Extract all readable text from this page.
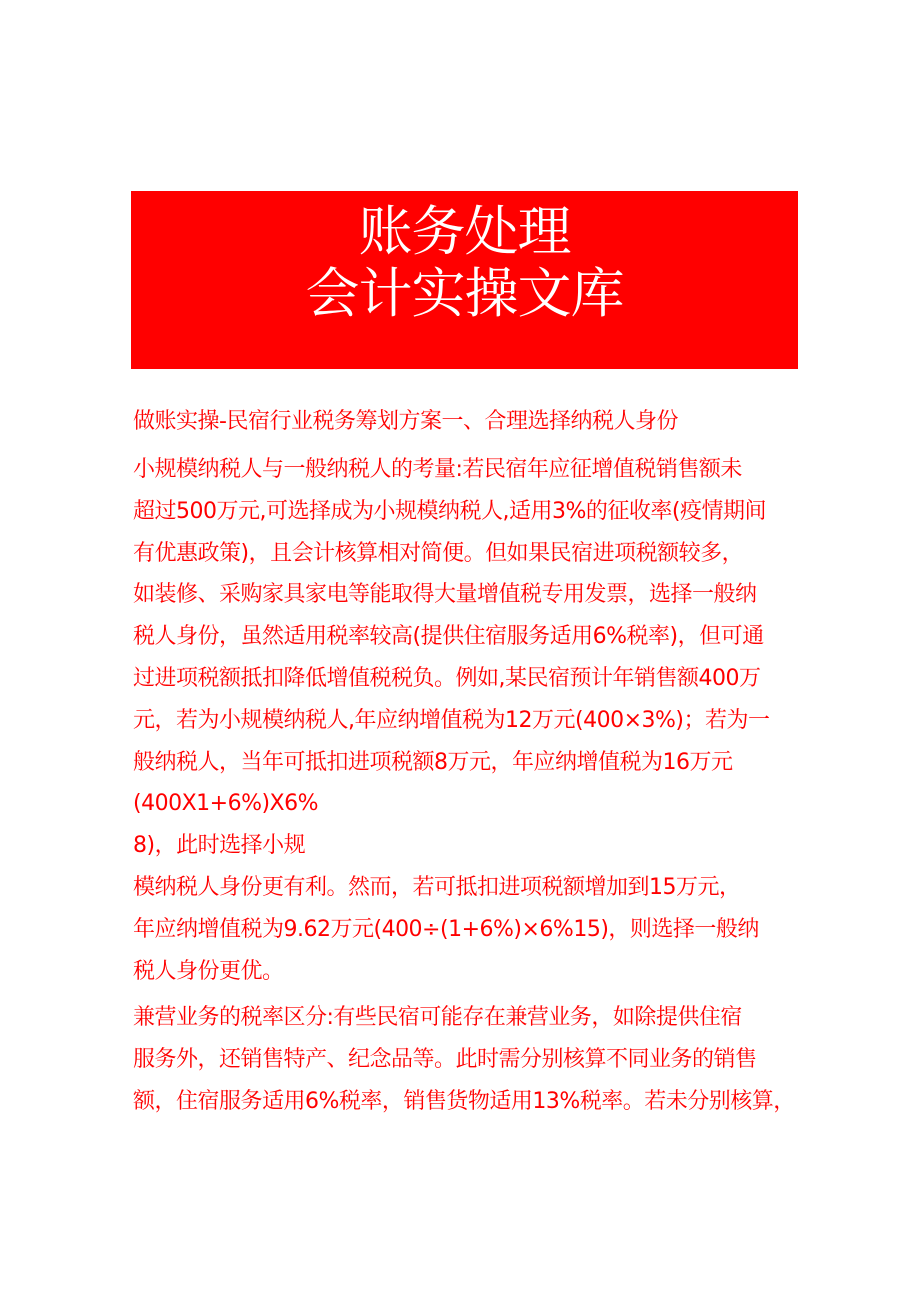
账务处理
会计实操文库

做账实操-民宿行业税务筹划方案一、合理选择纳税人身份

小规模纳税人与一般纳税人的考量:若民宿年应征增值税销售额未
超过500万元,可选择成为小规模纳税人,适用3%的征收率(疫情期间
有优惠政策)，且会计核算相对简便。但如果民宿进项税额较多，
如装修、采购家具家电等能取得大量增值税专用发票，选择一般纳
税人身份，虽然适用税率较高(提供住宿服务适用6%税率)，但可通
过进项税额抵扣降低增值税税负。例如,某民宿预计年销售额400万
元，若为小规模纳税人,年应纳增值税为12万元(400×3%)；若为一
般纳税人，当年可抵扣进项税额8万元，年应纳增值税为16万元
(400X1+6%)X6%
8)，此时选择小规
模纳税人身份更有利。然而，若可抵扣进项税额增加到15万元，
年应纳增值税为9.62万元(400÷(1+6%)×6%15)，则选择一般纳
税人身份更优。

兼营业务的税率区分:有些民宿可能存在兼营业务，如除提供住宿
服务外，还销售特产、纪念品等。此时需分别核算不同业务的销售
额，住宿服务适用6%税率，销售货物适用13%税率。若未分别核算，
